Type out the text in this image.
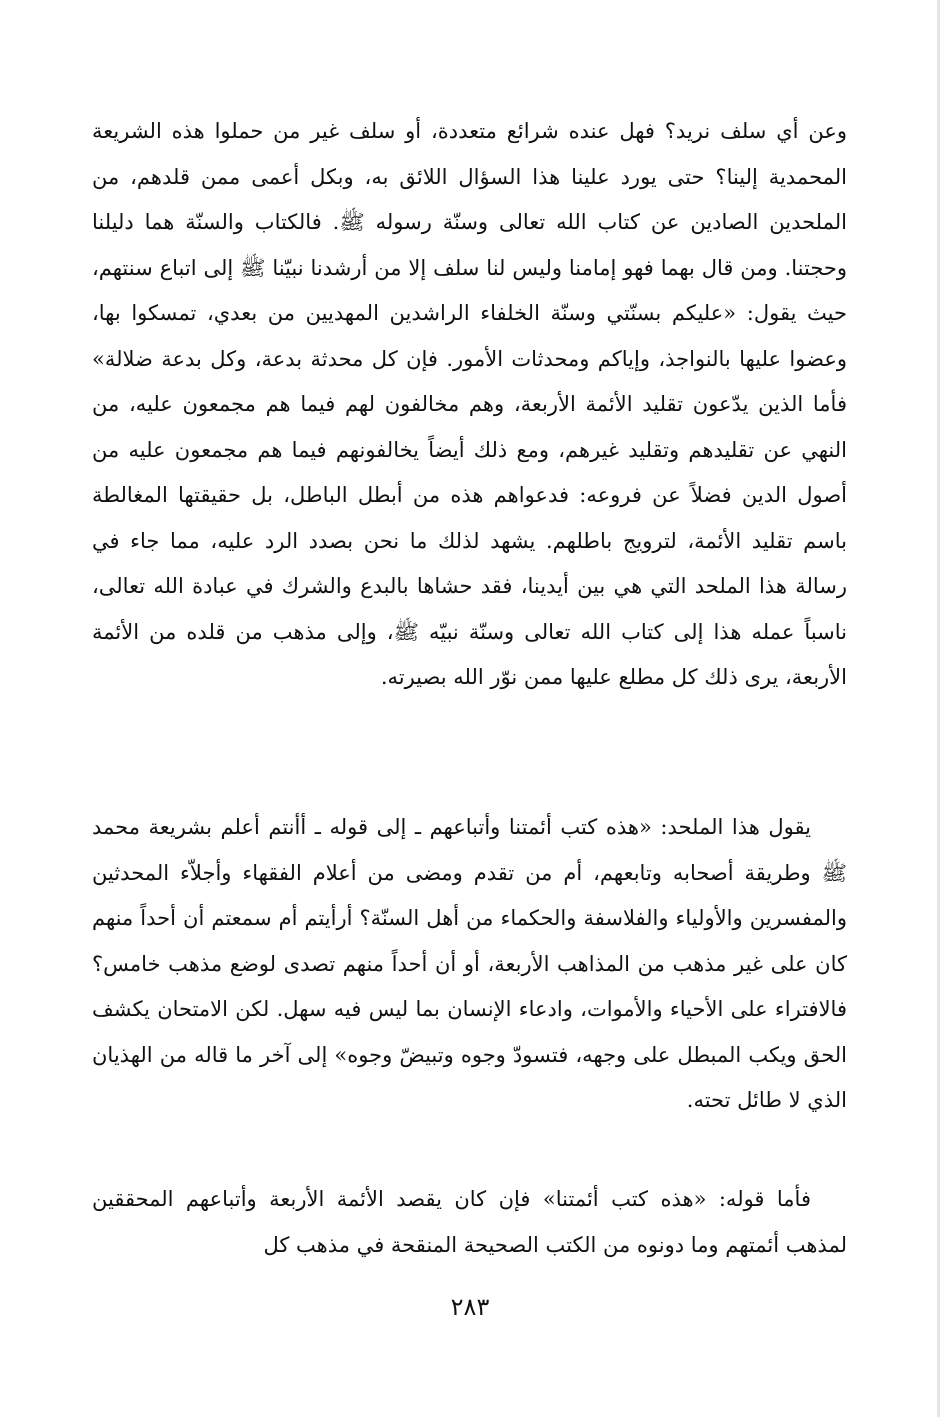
وعن أي سلف نريد؟ فهل عنده شرائع متعددة، أو سلف غير من حملوا هذه الشريعة المحمدية إلينا؟ حتى يورد علينا هذا السؤال اللائق به، وبكل أعمى ممن قلدهم، من الملحدين الصادين عن كتاب الله تعالى وسنّة رسوله ﷺ. فالكتاب والسنّة هما دليلنا وحجتنا. ومن قال بهما فهو إمامنا وليس لنا سلف إلا من أرشدنا نبيّنا ﷺ إلى اتباع سنتهم، حيث يقول: «عليكم بسنّتي وسنّة الخلفاء الراشدين المهديين من بعدي، تمسكوا بها، وعضوا عليها بالنواجذ، وإياكم ومحدثات الأمور. فإن كل محدثة بدعة، وكل بدعة ضلالة» فأما الذين يدّعون تقليد الأئمة الأربعة، وهم مخالفون لهم فيما هم مجمعون عليه، من النهي عن تقليدهم وتقليد غيرهم، ومع ذلك أيضاً يخالفونهم فيما هم مجمعون عليه من أصول الدين فضلاً عن فروعه: فدعواهم هذه من أبطل الباطل، بل حقيقتها المغالطة باسم تقليد الأئمة، لترويج باطلهم. يشهد لذلك ما نحن بصدد الرد عليه، مما جاء في رسالة هذا الملحد التي هي بين أيدينا، فقد حشاها بالبدع والشرك في عبادة الله تعالى، ناسباً عمله هذا إلى كتاب الله تعالى وسنّة نبيّه ﷺ، وإلى مذهب من قلده من الأئمة الأربعة، يرى ذلك كل مطلع عليها ممن نوّر الله بصيرته.

يقول هذا الملحد: «هذه كتب أئمتنا وأتباعهم ـ إلى قوله ـ أأنتم أعلم بشريعة محمد ﷺ وطريقة أصحابه وتابعهم، أم من تقدم ومضى من أعلام الفقهاء وأجلاّء المحدثين والمفسرين والأولياء والفلاسفة والحكماء من أهل السنّة؟ أرأيتم أم سمعتم أن أحداً منهم كان على غير مذهب من المذاهب الأربعة، أو أن أحداً منهم تصدى لوضع مذهب خامس؟ فالافتراء على الأحياء والأموات، وادعاء الإنسان بما ليس فيه سهل. لكن الامتحان يكشف الحق ويكب المبطل على وجهه، فتسودّ وجوه وتبيضّ وجوه» إلى آخر ما قاله من الهذيان الذي لا طائل تحته.

فأما قوله: «هذه كتب أئمتنا» فإن كان يقصد الأئمة الأربعة وأتباعهم المحققين لمذهب أئمتهم وما دونوه من الكتب الصحيحة المنقحة في مذهب كل

٢٨٣
